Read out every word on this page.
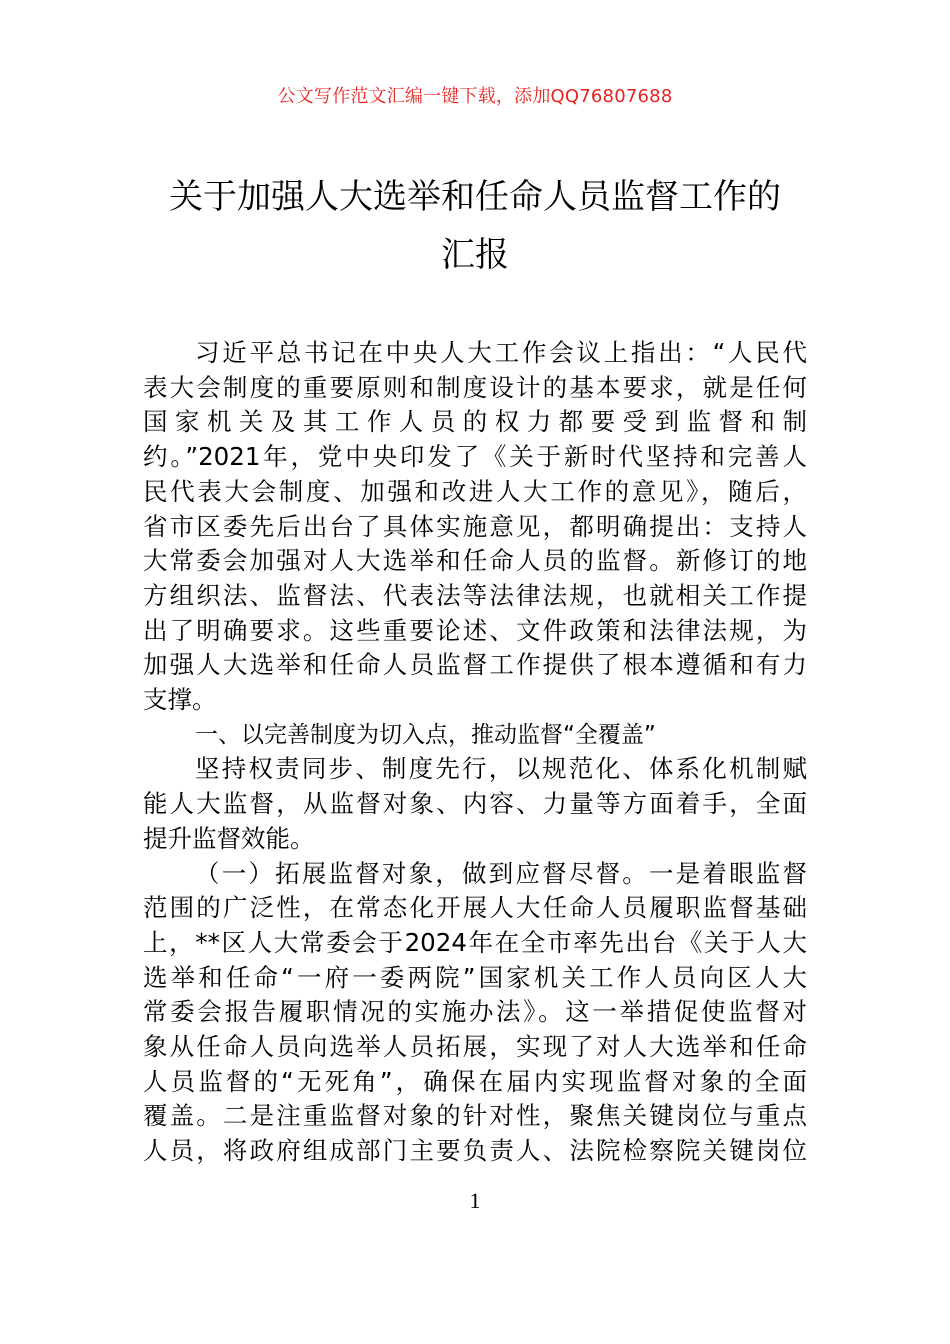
公文写作范文汇编一键下载，添加QQ76807688
关于加强人大选举和任命人员监督工作的
汇报
习近平总书记在中央人大工作会议上指出：“人民代
表大会制度的重要原则和制度设计的基本要求，就是任何
国家机关及其工作人员的权力都要受到监督和制
约。”2021年，党中央印发了《关于新时代坚持和完善人
民代表大会制度、加强和改进人大工作的意见》，随后，
省市区委先后出台了具体实施意见，都明确提出：支持人
大常委会加强对人大选举和任命人员的监督。新修订的地
方组织法、监督法、代表法等法律法规，也就相关工作提
出了明确要求。这些重要论述、文件政策和法律法规，为
加强人大选举和任命人员监督工作提供了根本遵循和有力
支撑。
一、以完善制度为切入点，推动监督“全覆盖”
坚持权责同步、制度先行，以规范化、体系化机制赋
能人大监督，从监督对象、内容、力量等方面着手，全面
提升监督效能。
（一）拓展监督对象，做到应督尽督。一是着眼监督
范围的广泛性，在常态化开展人大任命人员履职监督基础
上，**区人大常委会于2024年在全市率先出台《关于人大
选举和任命“一府一委两院”国家机关工作人员向区人大
常委会报告履职情况的实施办法》。这一举措促使监督对
象从任命人员向选举人员拓展，实现了对人大选举和任命
人员监督的“无死角”，确保在届内实现监督对象的全面
覆盖。二是注重监督对象的针对性，聚焦关键岗位与重点
人员，将政府组成部门主要负责人、法院检察院关键岗位
1
